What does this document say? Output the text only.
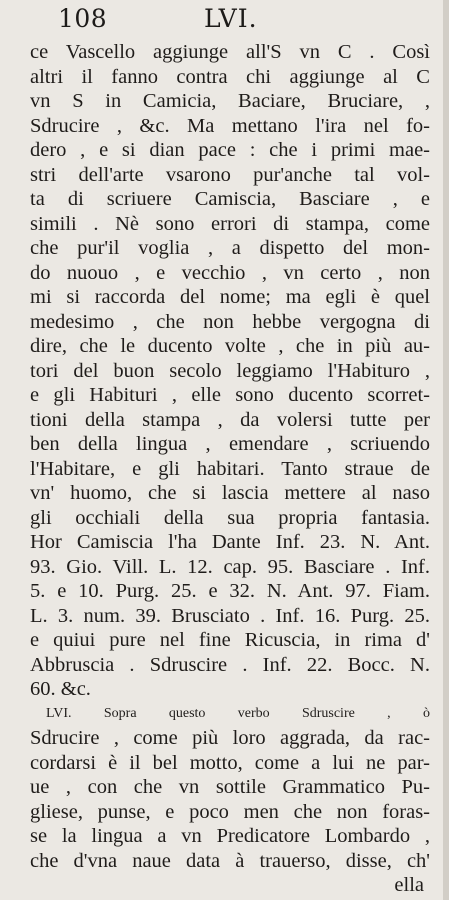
108	LVI.
ce Vascello aggiunge all'S vn C . Così
altri il fanno contra chi aggiunge al C
vn S in Camicia, Baciare, Bruciare, ,
Sdrucire , &c. Ma mettano l'ira nel fo-
dero , e si dian pace : che i primi mae-
stri dell'arte vsarono pur'anche tal vol-
ta di scriuere Camiscia, Basciare , e
simili . Nè sono errori di stampa, come
che pur'il voglia , a dispetto del mon-
do nuouo , e vecchio , vn certo , non
mi si raccorda del nome; ma egli è quel
medesimo , che non hebbe vergogna di
dire, che le ducento volte , che in più au-
tori del buon secolo leggiamo l'Habituro ,
e gli Habituri , elle sono ducento scorret-
tioni della stampa , da volersi tutte per
ben della lingua , emendare , scriuendo
l'Habitare, e gli habitari. Tanto straue de
vn' huomo, che si lascia mettere al naso
gli occhiali della sua propria fantasia.
Hor Camiscia l'ha Dante Inf. 23. N. Ant.
93. Gio. Vill. L. 12. cap. 95. Basciare . Inf.
5. e 10. Purg. 25. e 32. N. Ant. 97. Fiam.
L. 3. num. 39. Brusciato . Inf. 16. Purg. 25.
e quiui pure nel fine Ricuscia, in rima d'
Abbruscia . Sdruscire . Inf. 22. Bocc. N.
60. &c.
LVI. Sopra questo verbo Sdruscire , ò
Sdrucire , come più loro aggrada, da rac-
cordarsi è il bel motto, come a lui ne par-
ue , con che vn sottile Grammatico Pu-
gliese, punse, e poco men che non foras-
se la lingua a vn Predicatore Lombardo ,
che d'vna naue data à trauerso, disse, ch'
ella
